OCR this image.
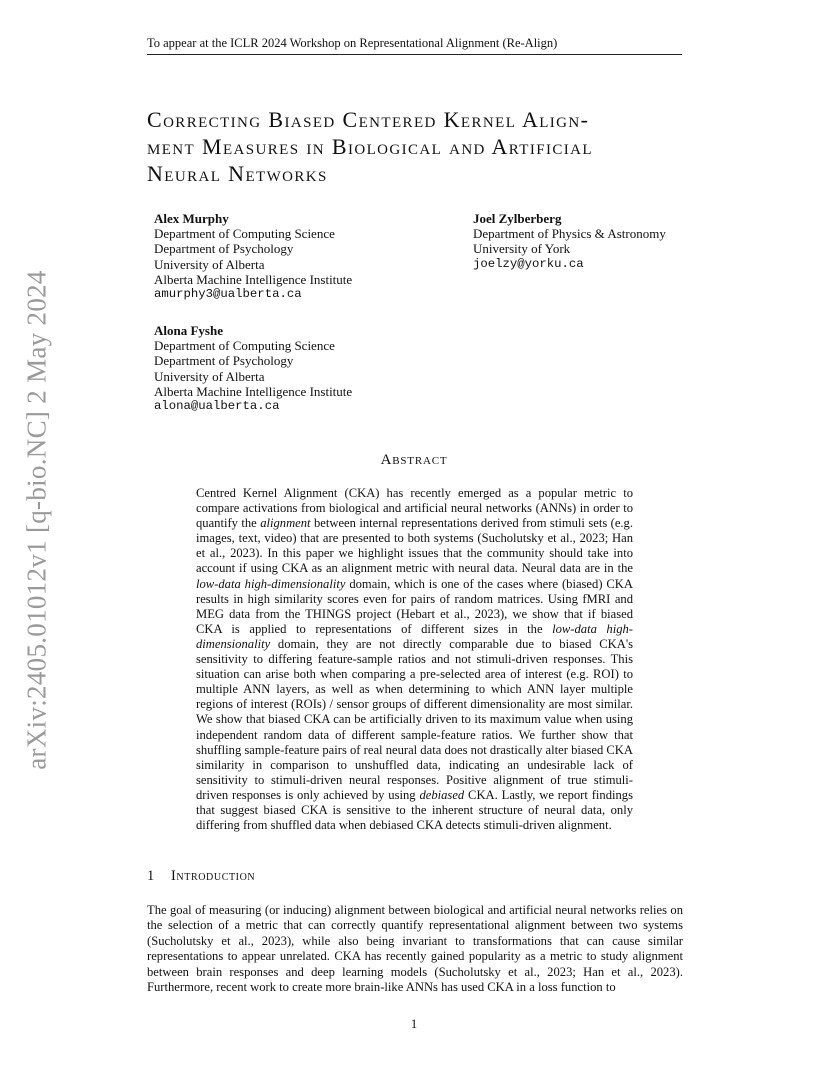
To appear at the ICLR 2024 Workshop on Representational Alignment (Re-Align)
arXiv:2405.01012v1 [q-bio.NC] 2 May 2024
Correcting Biased Centered Kernel Align-
ment Measures in Biological and Artificial
Neural Networks
Alex Murphy
Department of Computing Science
Department of Psychology
University of Alberta
Alberta Machine Intelligence Institute
amurphy3@ualberta.ca
Joel Zylberberg
Department of Physics & Astronomy
University of York
joelzy@yorku.ca
Alona Fyshe
Department of Computing Science
Department of Psychology
University of Alberta
Alberta Machine Intelligence Institute
alona@ualberta.ca
Abstract

Centred Kernel Alignment (CKA) has recently emerged as a popular metric to compare activations from biological and artificial neural networks (ANNs) in order to quantify the alignment between internal representations derived from stimuli sets (e.g. images, text, video) that are presented to both systems (Sucholutsky et al., 2023; Han et al., 2023). In this paper we highlight issues that the community should take into account if using CKA as an alignment metric with neural data. Neural data are in the low-data high-dimensionality domain, which is one of the cases where (biased) CKA results in high similarity scores even for pairs of random matrices. Using fMRI and MEG data from the THINGS project (Hebart et al., 2023), we show that if biased CKA is applied to representations of different sizes in the low-data high-dimensionality domain, they are not directly comparable due to biased CKA's sensitivity to differing feature-sample ratios and not stimuli-driven responses. This situation can arise both when comparing a pre-selected area of interest (e.g. ROI) to multiple ANN layers, as well as when determining to which ANN layer multiple regions of interest (ROIs) / sensor groups of different dimensionality are most similar. We show that biased CKA can be artificially driven to its maximum value when using independent random data of different sample-feature ratios. We further show that shuffling sample-feature pairs of real neural data does not drastically alter biased CKA similarity in comparison to unshuffled data, indicating an undesirable lack of sensitivity to stimuli-driven neural responses. Positive alignment of true stimuli-driven responses is only achieved by using debiased CKA. Lastly, we report findings that suggest biased CKA is sensitive to the inherent structure of neural data, only differing from shuffled data when debiased CKA detects stimuli-driven alignment.

1 Introduction

The goal of measuring (or inducing) alignment between biological and artificial neural networks relies on the selection of a metric that can correctly quantify representational alignment between two systems (Sucholutsky et al., 2023), while also being invariant to transformations that can cause similar representations to appear unrelated. CKA has recently gained popularity as a metric to study alignment between brain responses and deep learning models (Sucholutsky et al., 2023; Han et al., 2023). Furthermore, recent work to create more brain-like ANNs has used CKA in a loss function to

1
